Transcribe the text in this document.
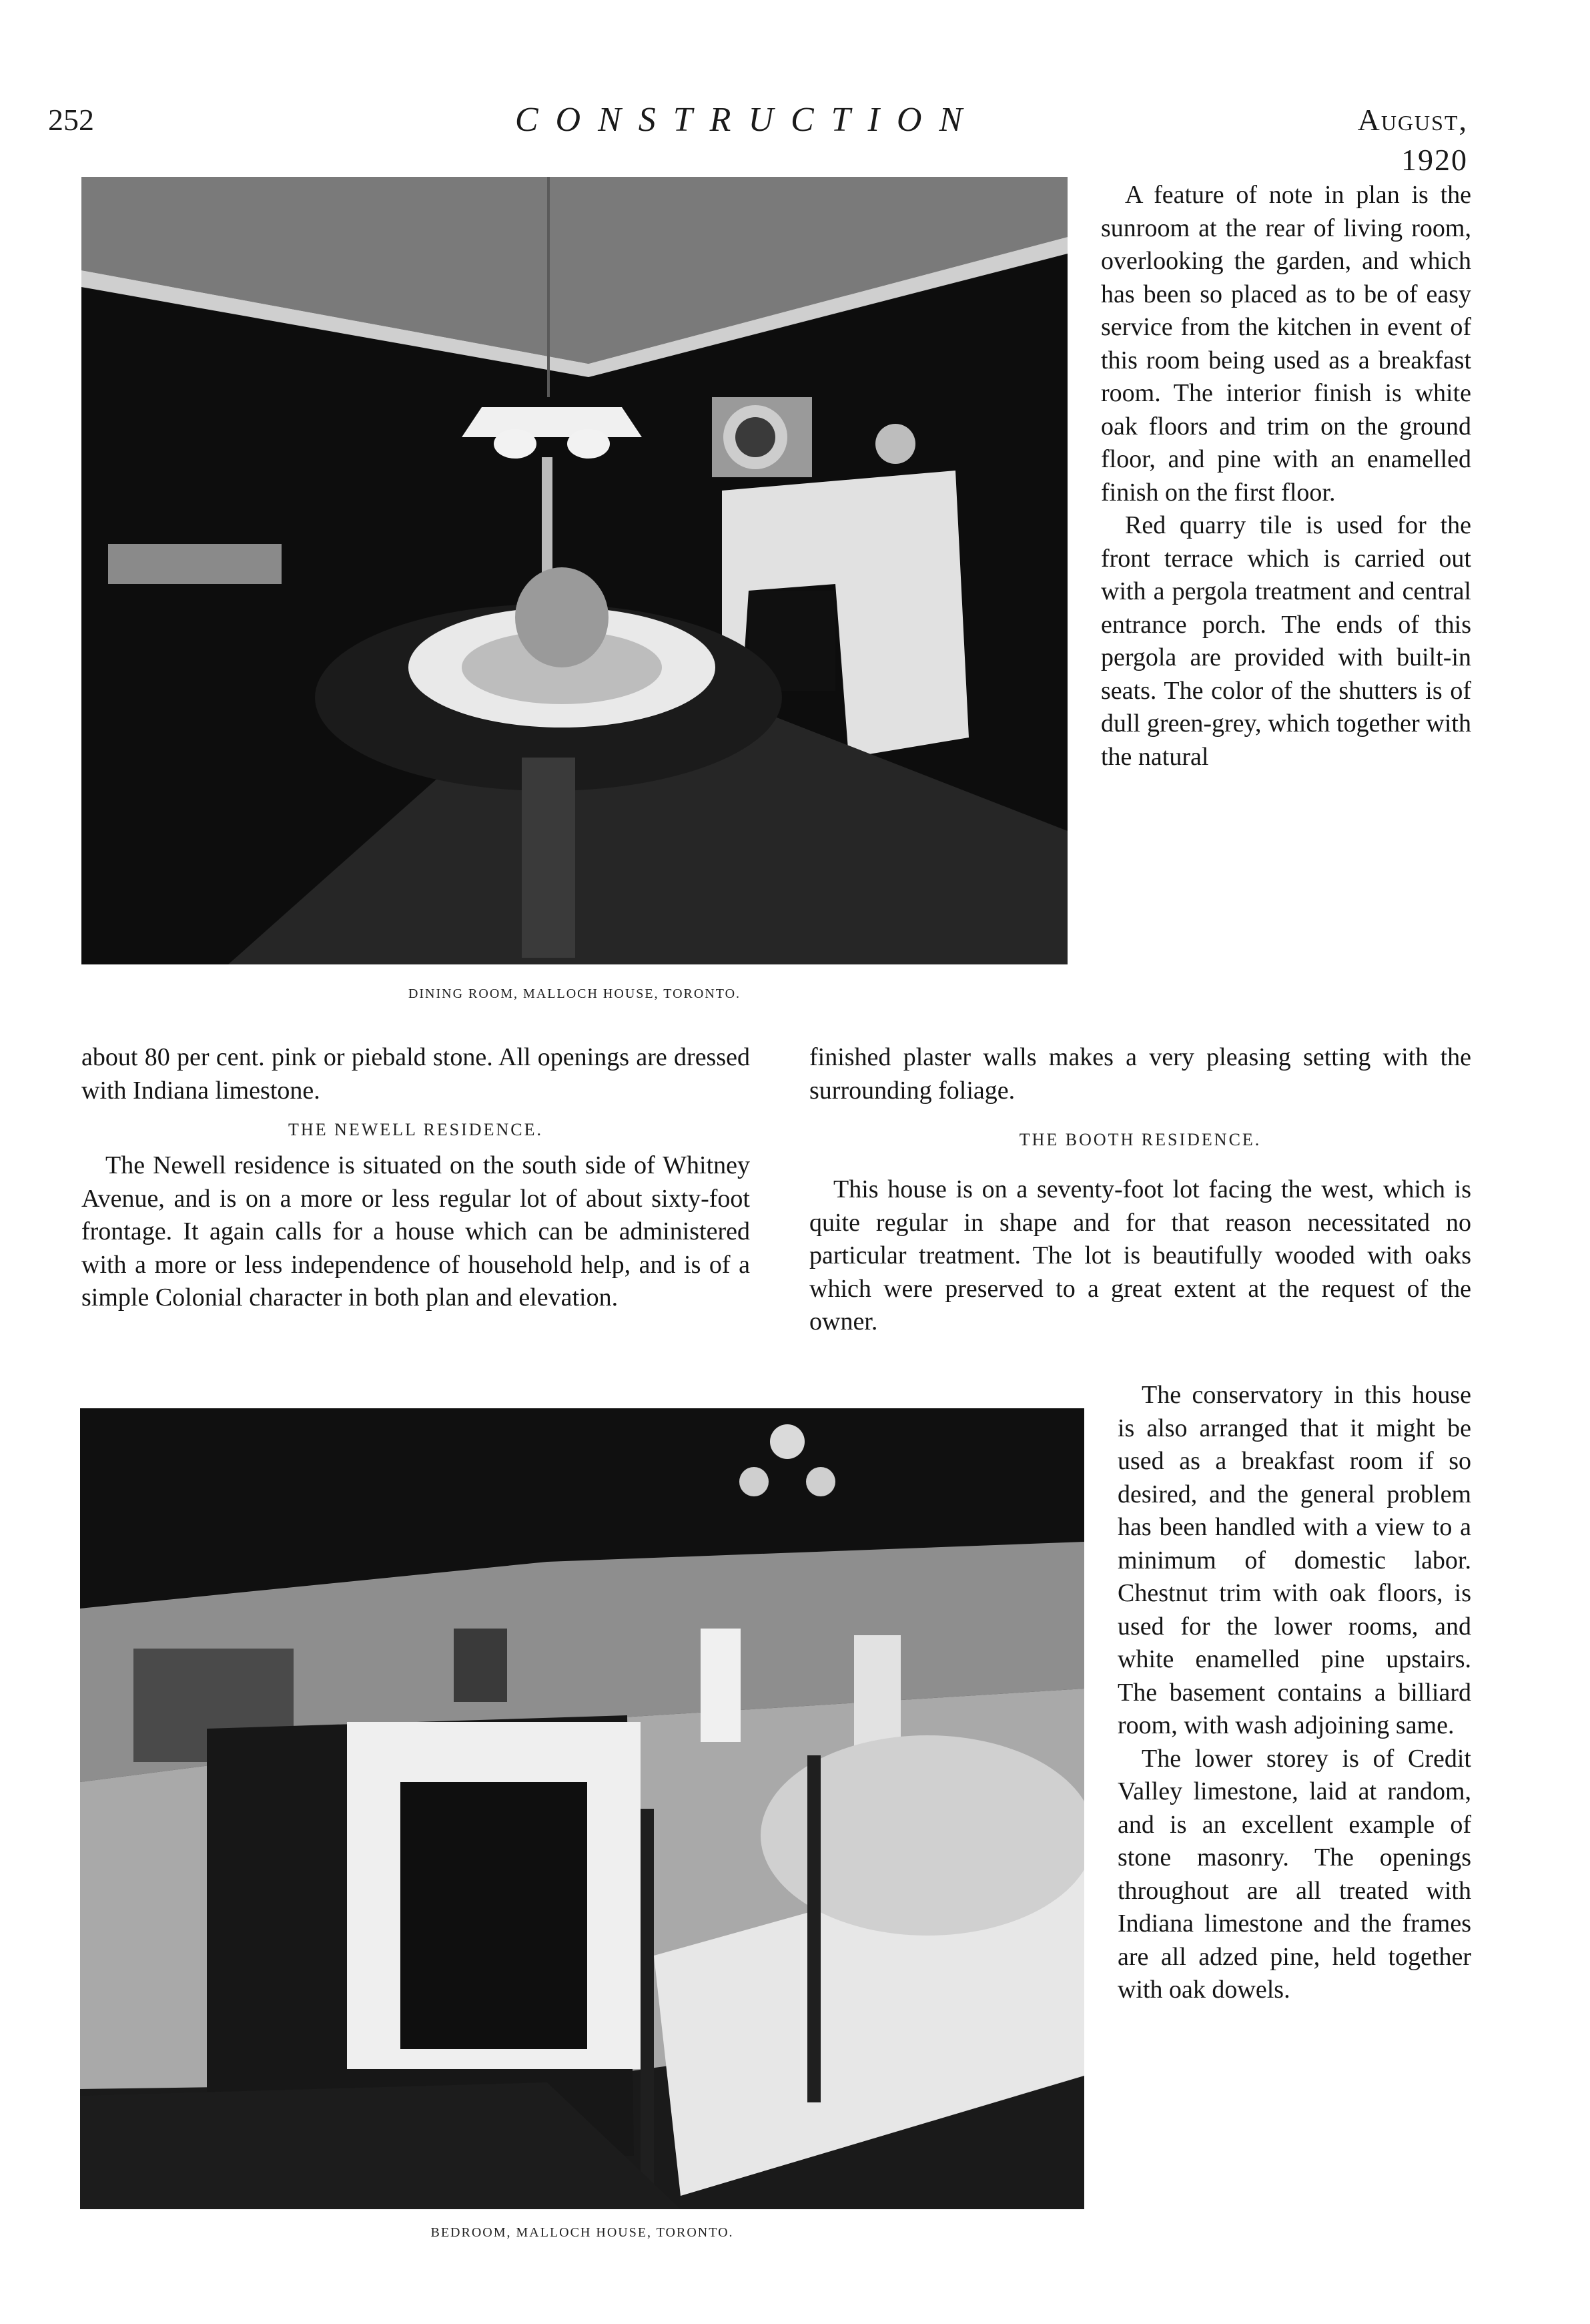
252	CONSTRUCTION	August, 1920
DINING ROOM, MALLOCH HOUSE, TORONTO.

A feature of note in plan is the sunroom at the rear of living room, overlooking the garden, and which has been so placed as to be of easy service from the kitchen in event of this room being used as a breakfast room. The interior finish is white oak floors and trim on the ground floor, and pine with an enamelled finish on the first floor.

Red quarry tile is used for the front terrace which is carried out with a pergola treatment and central entrance porch. The ends of this pergola are provided with built-in seats. The color of the shutters is of dull green-grey, which together with the natural

finished plaster walls makes a very pleasing setting with the surrounding foliage.

about 80 per cent. pink or piebald stone. All openings are dressed with Indiana limestone.

THE NEWELL RESIDENCE.

The Newell residence is situated on the south side of Whitney Avenue, and is on a more or less regular lot of about sixty-foot frontage. It again calls for a house which can be administered with a more or less independence of household help, and is of a simple Colonial character in both plan and elevation.

THE BOOTH RESIDENCE.

This house is on a seventy-foot lot facing the west, which is quite regular in shape and for that reason necessitated no particular treatment. The lot is beautifully wooded with oaks which were preserved to a great extent at the request of the owner.

BEDROOM, MALLOCH HOUSE, TORONTO.

The conservatory in this house is also arranged that it might be used as a breakfast room if so desired, and the general problem has been handled with a view to a minimum of domestic labor. Chestnut trim with oak floors, is used for the lower rooms, and white enamelled pine upstairs. The basement contains a billiard room, with wash adjoining same.

The lower storey is of Credit Valley limestone, laid at random, and is an excellent example of stone masonry. The openings throughout are all treated with Indiana limestone and the frames are all adzed pine, held together with oak dowels.
